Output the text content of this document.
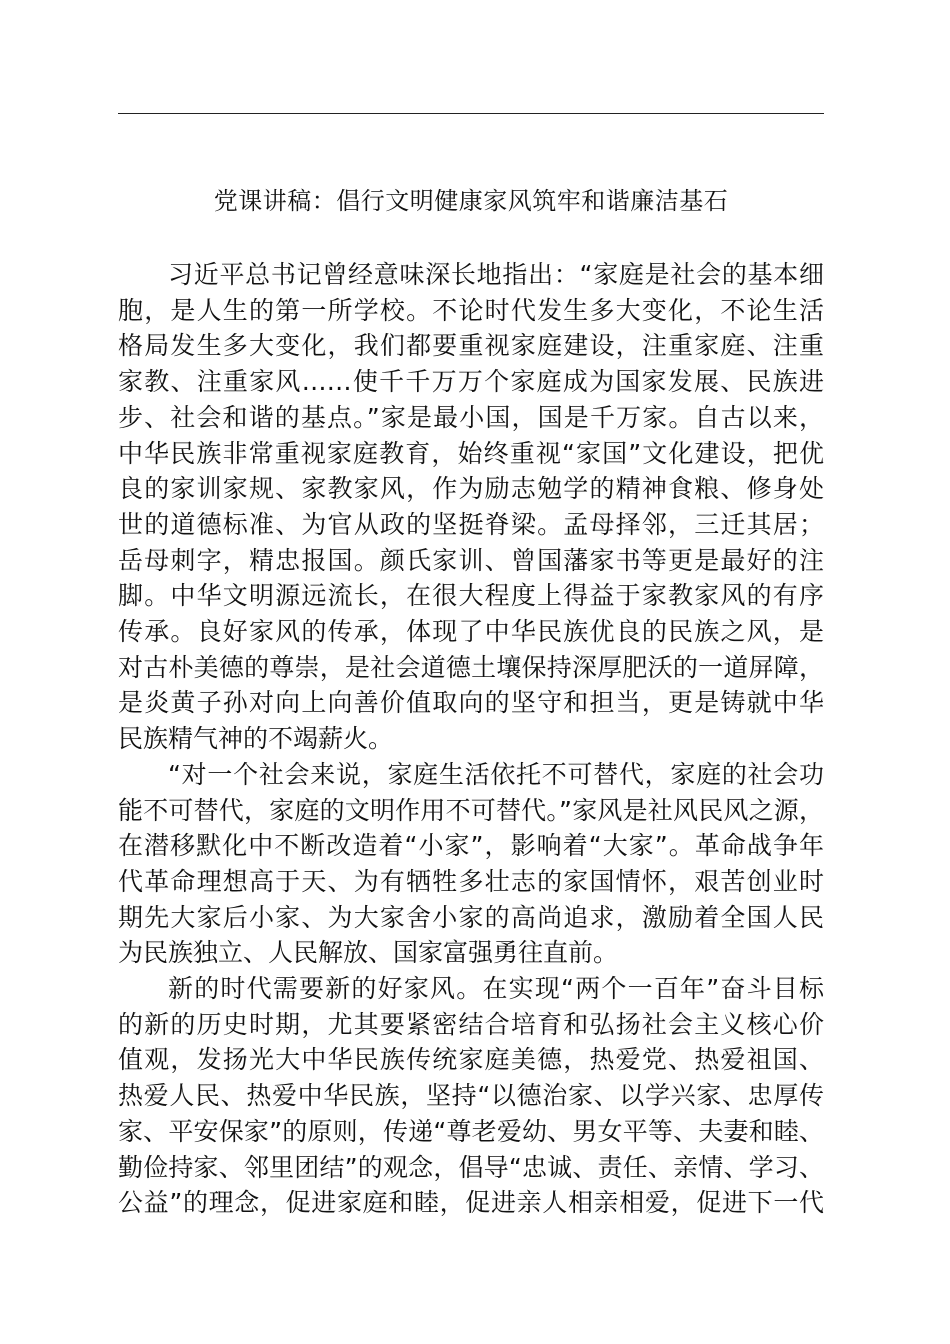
党课讲稿：倡行文明健康家风筑牢和谐廉洁基石

习近平总书记曾经意味深长地指出：“家庭是社会的基本细
胞，是人生的第一所学校。不论时代发生多大变化，不论生活
格局发生多大变化，我们都要重视家庭建设，注重家庭、注重
家教、注重家风……使千千万万个家庭成为国家发展、民族进
步、社会和谐的基点。”家是最小国，国是千万家。自古以来，
中华民族非常重视家庭教育，始终重视“家国”文化建设，把优
良的家训家规、家教家风，作为励志勉学的精神食粮、修身处
世的道德标准、为官从政的坚挺脊梁。孟母择邻，三迁其居；
岳母刺字，精忠报国。颜氏家训、曾国藩家书等更是最好的注
脚。中华文明源远流长，在很大程度上得益于家教家风的有序
传承。良好家风的传承，体现了中华民族优良的民族之风，是
对古朴美德的尊崇，是社会道德土壤保持深厚肥沃的一道屏障，
是炎黄子孙对向上向善价值取向的坚守和担当，更是铸就中华
民族精气神的不竭薪火。

“对一个社会来说，家庭生活依托不可替代，家庭的社会功
能不可替代，家庭的文明作用不可替代。”家风是社风民风之源，
在潜移默化中不断改造着“小家”，影响着“大家”。革命战争年
代革命理想高于天、为有牺牲多壮志的家国情怀，艰苦创业时
期先大家后小家、为大家舍小家的高尚追求，激励着全国人民
为民族独立、人民解放、国家富强勇往直前。

新的时代需要新的好家风。在实现“两个一百年”奋斗目标
的新的历史时期，尤其要紧密结合培育和弘扬社会主义核心价
值观，发扬光大中华民族传统家庭美德，热爱党、热爱祖国、
热爱人民、热爱中华民族，坚持“以德治家、以学兴家、忠厚传
家、平安保家”的原则，传递“尊老爱幼、男女平等、夫妻和睦、
勤俭持家、邻里团结”的观念，倡导“忠诚、责任、亲情、学习、
公益”的理念，促进家庭和睦，促进亲人相亲相爱，促进下一代
